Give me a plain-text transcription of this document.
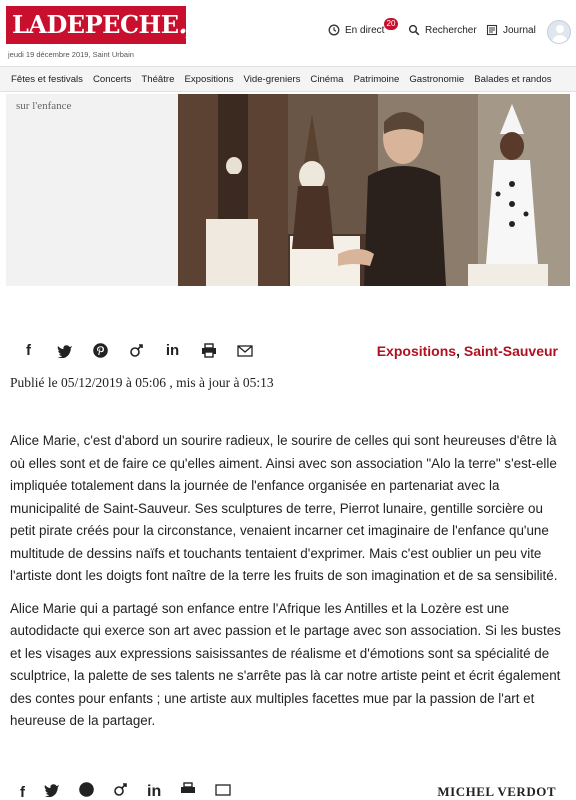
LADEPECHE.fr
jeudi 19 décembre 2019, Saint Urbain
En direct
20
Rechercher	Journal
Fêtes et festivals	Concerts	Théâtre	Expositions	Vide-greniers	Cinéma	Patrimoine	Gastronomie	Balades et randos
sur l'enfance
f	in	Expositions, Saint-Sauveur
Publié le 05/12/2019 à 05:06 , mis à jour à 05:13

Alice Marie, c'est d'abord un sourire radieux, le sourire de celles qui sont heureuses d'être là où elles sont et de faire ce qu'elles aiment. Ainsi avec son association "Alo la terre" s'est-elle impliquée totalement dans la journée de l'enfance organisée en partenariat avec la municipalité de Saint-Sauveur. Ses sculptures de terre, Pierrot lunaire, gentille sorcière ou petit pirate créés pour la circonstance, venaient incarner cet imaginaire de l'enfance qu'une multitude de dessins naïfs et touchants tentaient d'exprimer. Mais c'est oublier un peu vite l'artiste dont les doigts font naître de la terre les fruits de son imagination et de sa sensibilité.

Alice Marie qui a partagé son enfance entre l'Afrique les Antilles et la Lozère est une autodidacte qui exerce son art avec passion et le partage avec son association. Si les bustes et les visages aux expressions saisissantes de réalisme et d'émotions sont sa spécialité de sculptrice, la palette de ses talents ne s'arrête pas là car notre artiste peint et écrit également des contes pour enfants ; une artiste aux multiples facettes mue par la passion de l'art et heureuse de la partager.

f	in	MICHEL VERDOT
